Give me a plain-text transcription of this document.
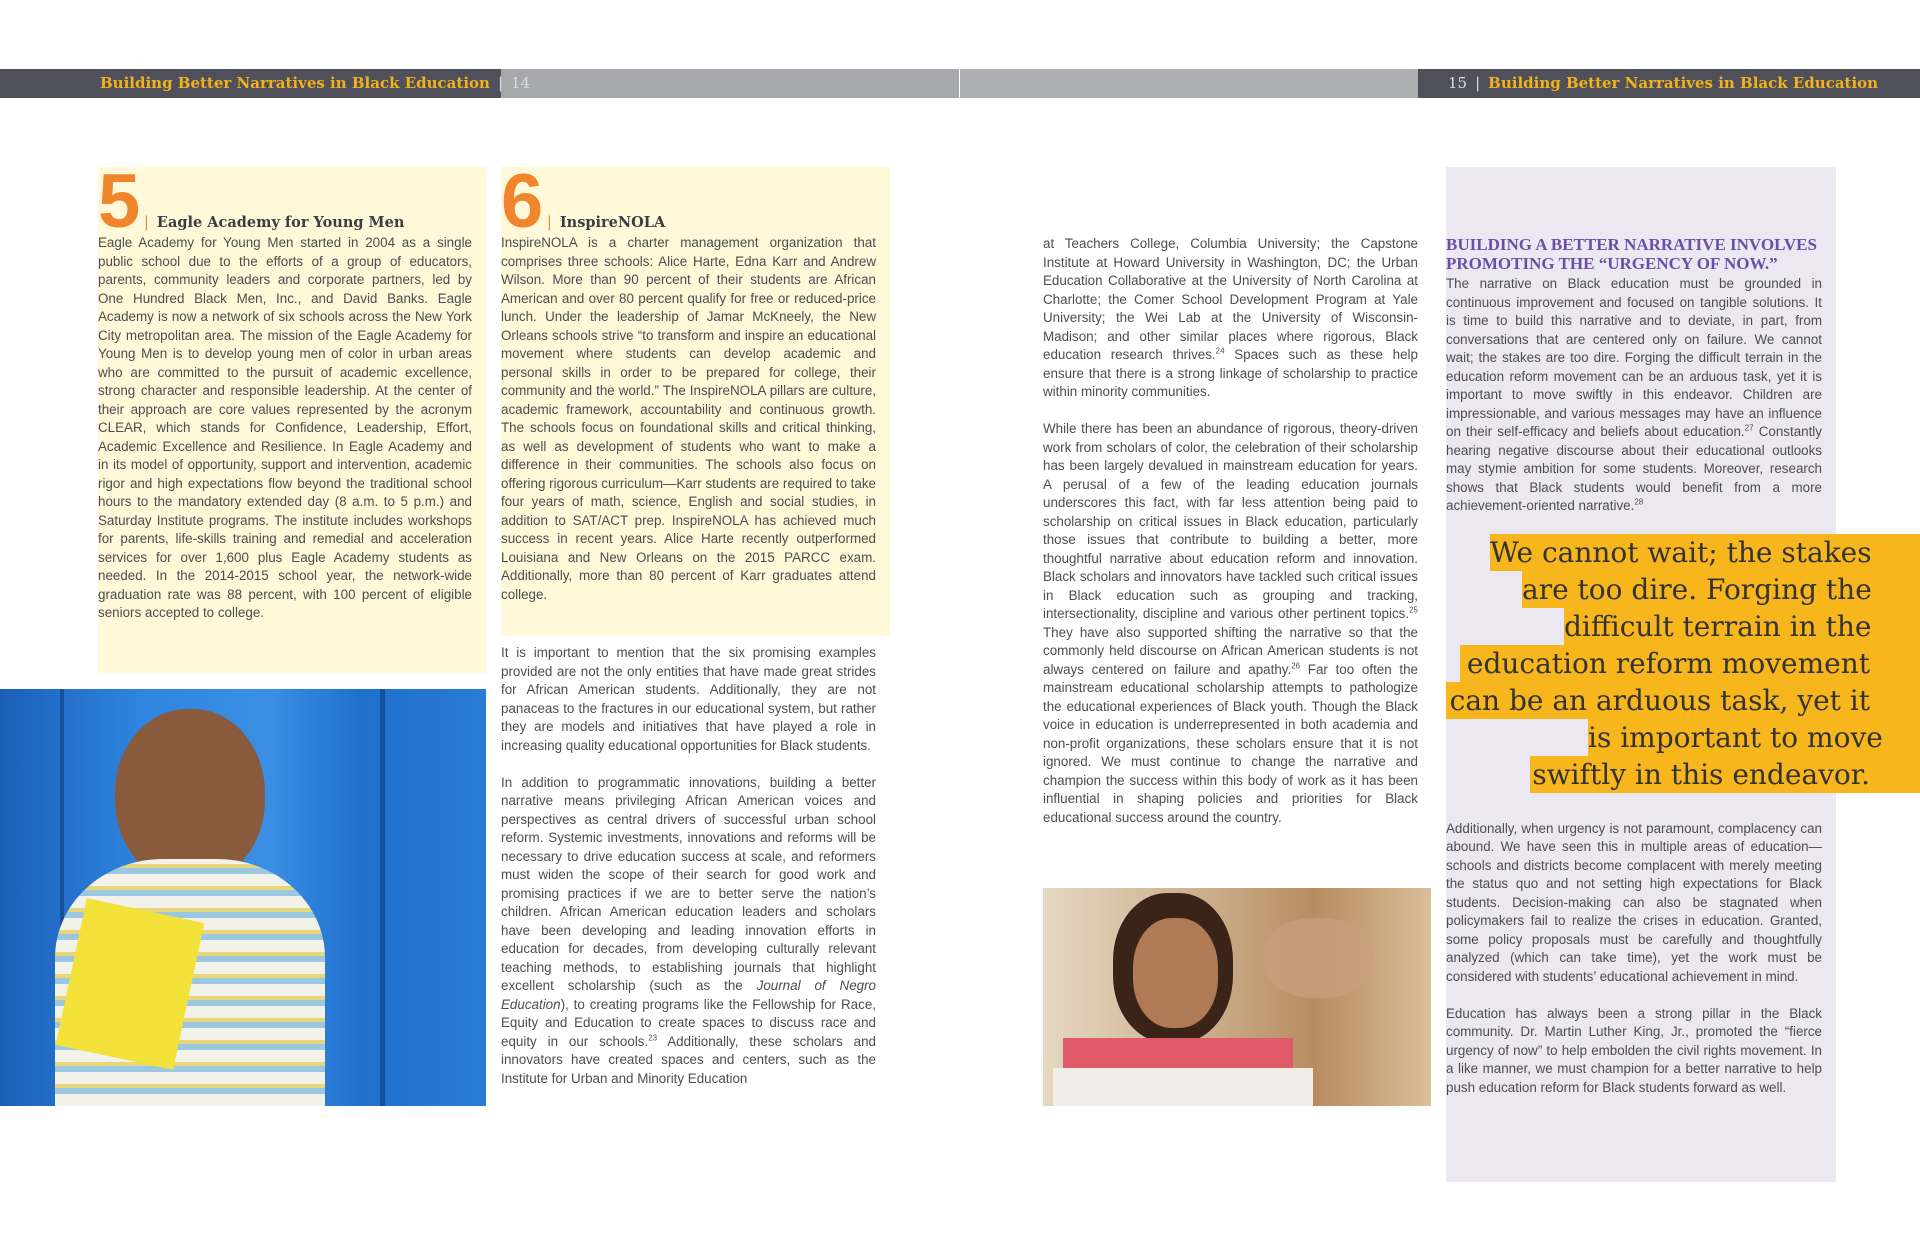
Building Better Narratives in Black Education | 14	15 | Building Better Narratives in Black Education
5 | Eagle Academy for Young Men
Eagle Academy for Young Men started in 2004 as a single public school due to the efforts of a group of educators, parents, community leaders and corporate partners, led by One Hundred Black Men, Inc., and David Banks. Eagle Academy is now a network of six schools across the New York City metropolitan area. The mission of the Eagle Academy for Young Men is to develop young men of color in urban areas who are committed to the pursuit of academic excellence, strong character and responsible leadership. At the center of their approach are core values represented by the acronym CLEAR, which stands for Confidence, Leadership, Effort, Academic Excellence and Resilience. In Eagle Academy and in its model of opportunity, support and intervention, academic rigor and high expectations flow beyond the traditional school hours to the mandatory extended day (8 a.m. to 5 p.m.) and Saturday Institute programs. The institute includes workshops for parents, life-skills training and remedial and acceleration services for over 1,600 plus Eagle Academy students as needed. In the 2014-2015 school year, the network-wide graduation rate was 88 percent, with 100 percent of eligible seniors accepted to college.
6 | InspireNOLA
InspireNOLA is a charter management organization that comprises three schools: Alice Harte, Edna Karr and Andrew Wilson. More than 90 percent of their students are African American and over 80 percent qualify for free or reduced-price lunch. Under the leadership of Jamar McKneely, the New Orleans schools strive “to transform and inspire an educational movement where students can develop academic and personal skills in order to be prepared for college, their community and the world.” The InspireNOLA pillars are culture, academic framework, accountability and continuous growth. The schools focus on foundational skills and critical thinking, as well as development of students who want to make a difference in their communities. The schools also focus on offering rigorous curriculum—Karr students are required to take four years of math, science, English and social studies, in addition to SAT/ACT prep. InspireNOLA has achieved much success in recent years. Alice Harte recently outperformed Louisiana and New Orleans on the 2015 PARCC exam. Additionally, more than 80 percent of Karr graduates attend college.

It is important to mention that the six promising examples provided are not the only entities that have made great strides for African American students. Additionally, they are not panaceas to the fractures in our educational system, but rather they are models and initiatives that have played a role in increasing quality educational opportunities for Black students.

In addition to programmatic innovations, building a better narrative means privileging African American voices and perspectives as central drivers of successful urban school reform. Systemic investments, innovations and reforms will be necessary to drive education success at scale, and reformers must widen the scope of their search for good work and promising practices if we are to better serve the nation’s children. African American education leaders and scholars have been developing and leading innovation efforts in education for decades, from developing culturally relevant teaching methods, to establishing journals that highlight excellent scholarship (such as the Journal of Negro Education), to creating programs like the Fellowship for Race, Equity and Education to create spaces to discuss race and equity in our schools.$^{23}$ Additionally, these scholars and innovators have created spaces and centers, such as the Institute for Urban and Minority Education

at Teachers College, Columbia University; the Capstone Institute at Howard University in Washington, DC; the Urban Education Collaborative at the University of North Carolina at Charlotte; the Comer School Development Program at Yale University; the Wei Lab at the University of Wisconsin-Madison; and other similar places where rigorous, Black education research thrives.$^{24}$ Spaces such as these help ensure that there is a strong linkage of scholarship to practice within minority communities.

While there has been an abundance of rigorous, theory-driven work from scholars of color, the celebration of their scholarship has been largely devalued in mainstream education for years. A perusal of a few of the leading education journals underscores this fact, with far less attention being paid to scholarship on critical issues in Black education, particularly those issues that contribute to building a better, more thoughtful narrative about education reform and innovation. Black scholars and innovators have tackled such critical issues in Black education such as grouping and tracking, intersectionality, discipline and various other pertinent topics.$^{25}$ They have also supported shifting the narrative so that the commonly held discourse on African American students is not always centered on failure and apathy.$^{26}$ Far too often the mainstream educational scholarship attempts to pathologize the educational experiences of Black youth. Though the Black voice in education is underrepresented in both academia and non-profit organizations, these scholars ensure that it is not ignored. We must continue to change the narrative and champion the success within this body of work as it has been influential in shaping policies and priorities for Black educational success around the country.

BUILDING A BETTER NARRATIVE INVOLVES PROMOTING THE “URGENCY OF NOW.”

The narrative on Black education must be grounded in continuous improvement and focused on tangible solutions. It is time to build this narrative and to deviate, in part, from conversations that are centered only on failure. We cannot wait; the stakes are too dire. Forging the difficult terrain in the education reform movement can be an arduous task, yet it is important to move swiftly in this endeavor. Children are impressionable, and various messages may have an influence on their self-efficacy and beliefs about education.$^{27}$ Constantly hearing negative discourse about their educational outlooks may stymie ambition for some students. Moreover, research shows that Black students would benefit from a more achievement-oriented narrative.$^{28}$

We cannot wait; the stakes
are too dire. Forging the
difficult terrain in the
education reform movement
can be an arduous task, yet it
is important to move
swiftly in this endeavor.

Additionally, when urgency is not paramount, complacency can abound. We have seen this in multiple areas of education—schools and districts become complacent with merely meeting the status quo and not setting high expectations for Black students. Decision-making can also be stagnated when policymakers fail to realize the crises in education. Granted, some policy proposals must be carefully and thoughtfully analyzed (which can take time), yet the work must be considered with students’ educational achievement in mind.

Education has always been a strong pillar in the Black community. Dr. Martin Luther King, Jr., promoted the “fierce urgency of now” to help embolden the civil rights movement. In a like manner, we must champion for a better narrative to help push education reform for Black students forward as well.
